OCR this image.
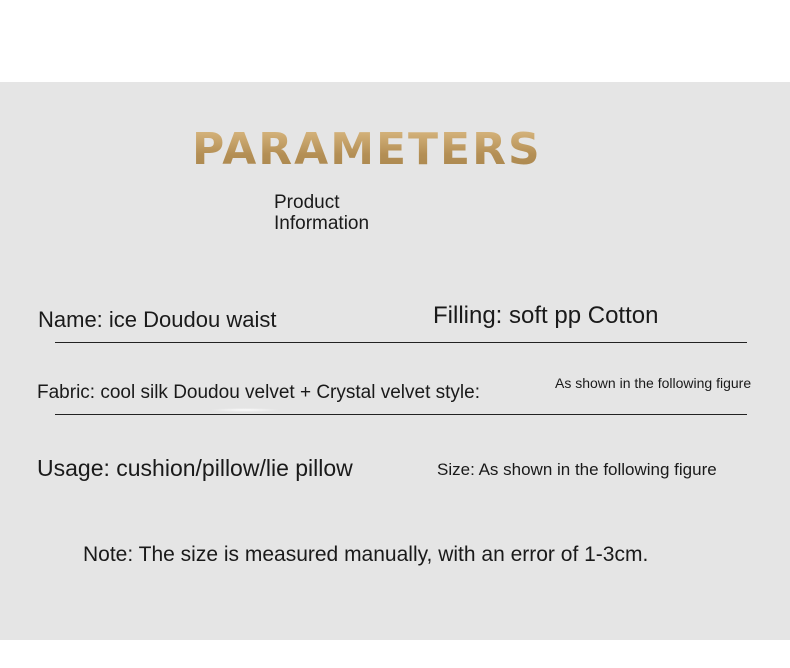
PARAMETERS
Product
Information
Name: ice Doudou waist	Filling: soft pp Cotton
Fabric: cool silk Doudou velvet + Crystal velvet style:	As shown in the following figure
Usage: cushion/pillow/lie pillow	Size: As shown in the following figure
Note: The size is measured manually, with an error of 1-3cm.
